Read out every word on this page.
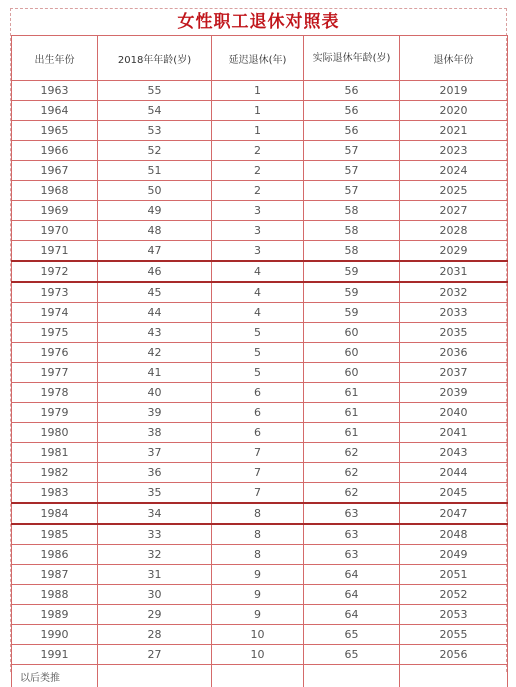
女性职工退休对照表
出生年份	2018年年龄(岁)	延迟退休(年)	实际退休年龄(岁)	退休年份
1963	55	1	56	2019
1964	54	1	56	2020
1965	53	1	56	2021
1966	52	2	57	2023
1967	51	2	57	2024
1968	50	2	57	2025
1969	49	3	58	2027
1970	48	3	58	2028
1971	47	3	58	2029
1972	46	4	59	2031
1973	45	4	59	2032
1974	44	4	59	2033
1975	43	5	60	2035
1976	42	5	60	2036
1977	41	5	60	2037
1978	40	6	61	2039
1979	39	6	61	2040
1980	38	6	61	2041
1981	37	7	62	2043
1982	36	7	62	2044
1983	35	7	62	2045
1984	34	8	63	2047
1985	33	8	63	2048
1986	32	8	63	2049
1987	31	9	64	2051
1988	30	9	64	2052
1989	29	9	64	2053
1990	28	10	65	2055
1991	27	10	65	2056
以后类推				
